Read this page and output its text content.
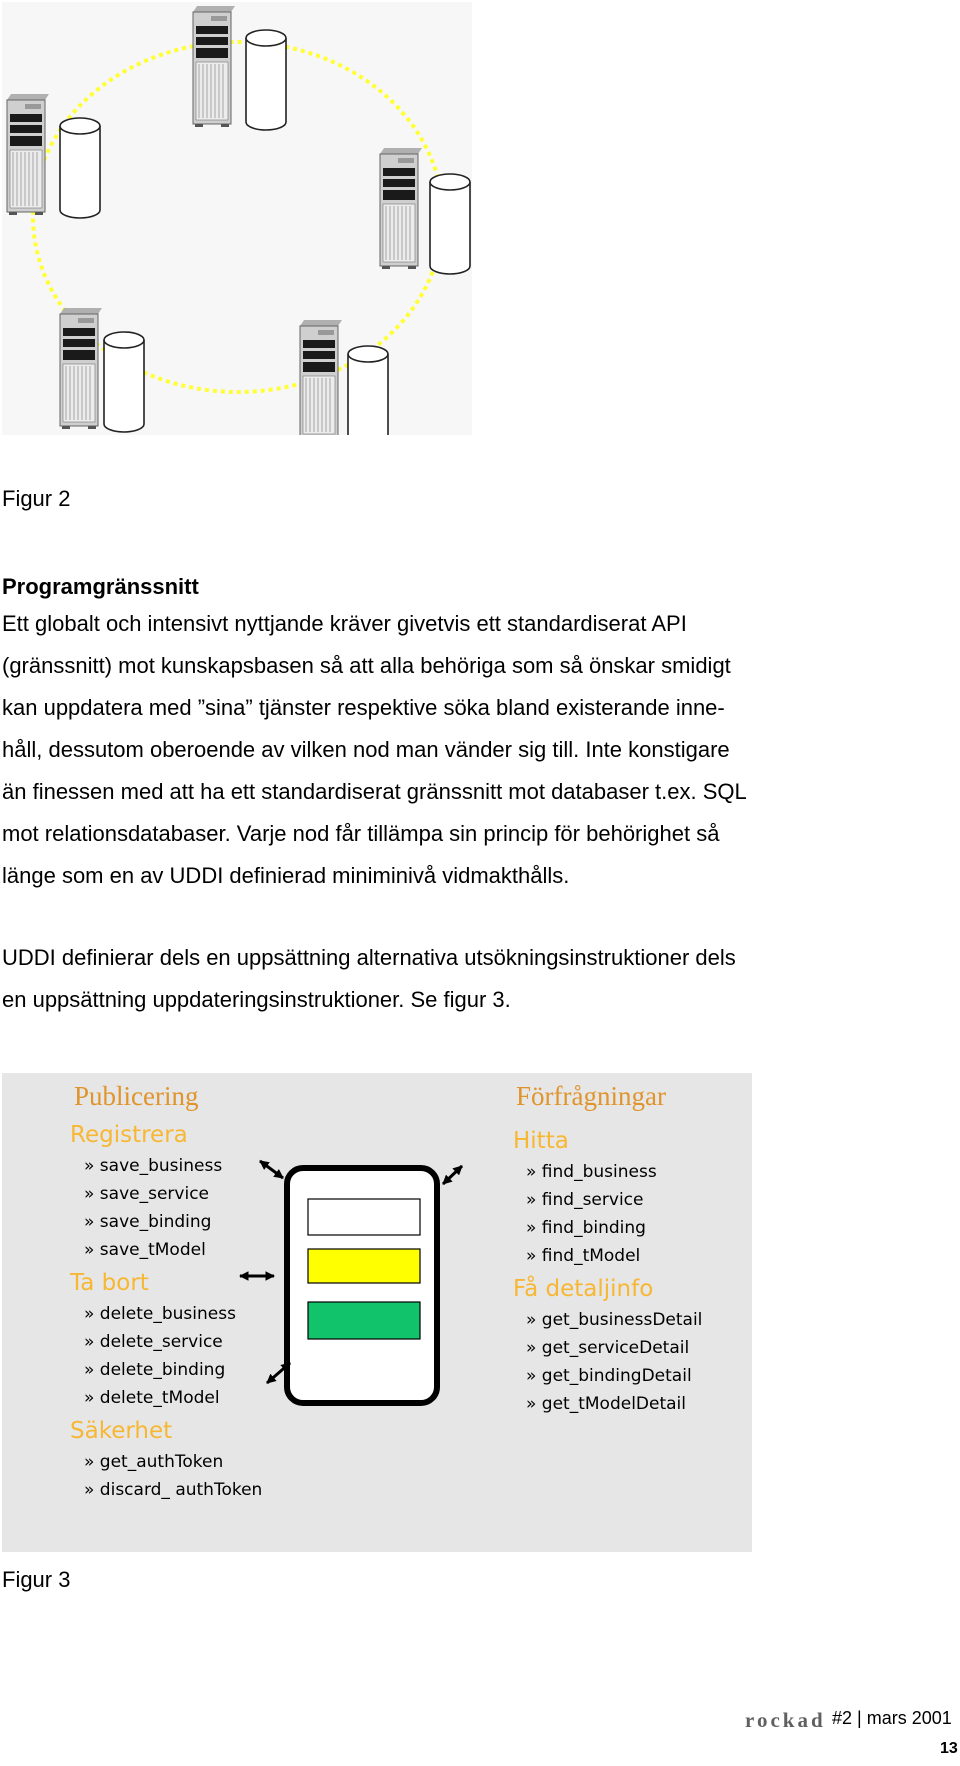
Figur 2
Programgränssnitt
Ett globalt och intensivt nyttjande kräver givetvis ett standardiserat API
(gränssnitt) mot kunskapsbasen så att alla behöriga som så önskar smidigt
kan uppdatera med ”sina” tjänster respektive söka bland existerande inne-
håll, dessutom oberoende av vilken nod man vänder sig till. Inte konstigare
än finessen med att ha ett standardiserat gränssnitt mot databaser t.ex. SQL
mot relationsdatabaser. Varje nod får tillämpa sin princip för behörighet så
länge som en av UDDI definierad miniminivå vidmakthålls.
UDDI definierar dels en uppsättning alternativa utsökningsinstruktioner dels
en uppsättning uppdateringsinstruktioner. Se figur 3.
Publicering
Registrera
» save_business
» save_service
» save_binding
» save_tModel
Ta bort
» delete_business
» delete_service
» delete_binding
» delete_tModel
Säkerhet
» get_authToken
» discard_ authToken
Förfrågningar
Hitta
» find_business
» find_service
» find_binding
» find_tModel
Få detaljinfo
» get_businessDetail
» get_serviceDetail
» get_bindingDetail
» get_tModelDetail
Figur 3
rockad #2 | mars 2001
13
